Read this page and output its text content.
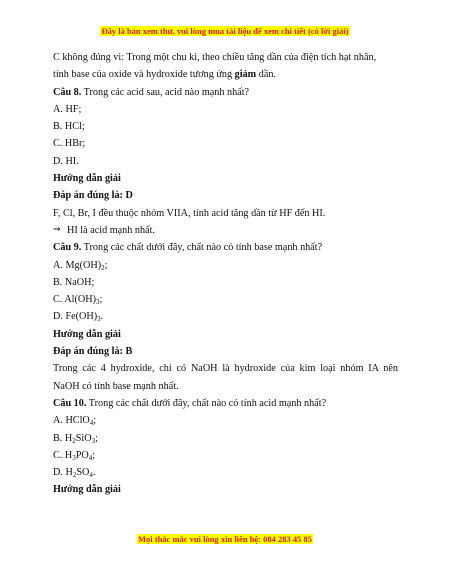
Đây là bản xem thử, vui lòng mua tài liệu để xem chi tiết (có lời giải)
C không đúng vì: Trong một chu kì, theo chiều tăng dần của điện tích hạt nhân,
tính base của oxide và hydroxide tương ứng giảm dần.
Câu 8. Trong các acid sau, acid nào mạnh nhất?
A. HF;
B. HCl;
C. HBr;
D. HI.
Hướng dẫn giải
Đáp án đúng là: D
F, Cl, Br, I đều thuộc nhóm VIIA, tính acid tăng dần từ HF đến HI.
⇒ HI là acid mạnh nhất.
Câu 9. Trong các chất dưới đây, chất nào có tính base mạnh nhất?
A. $Mg(OH)_2$;
B. NaOH;
C. $Al(OH)_3$;
D. $Fe(OH)_3$.
Hướng dẫn giải
Đáp án đúng là: B
Trong các 4 hydroxide, chỉ có NaOH là hydroxide của kim loại nhóm IA nên
NaOH có tính base mạnh nhất.
Câu 10. Trong các chất dưới đây, chất nào có tính acid mạnh nhất?
A. HClO$_4$;
B. $H_2SiO_3$;
C. $H_3PO_4$;
D. $H_2SO_4$.
Hướng dẫn giải
Mọi thắc mắc vui lòng xin liên hệ: 084 283 45 85
